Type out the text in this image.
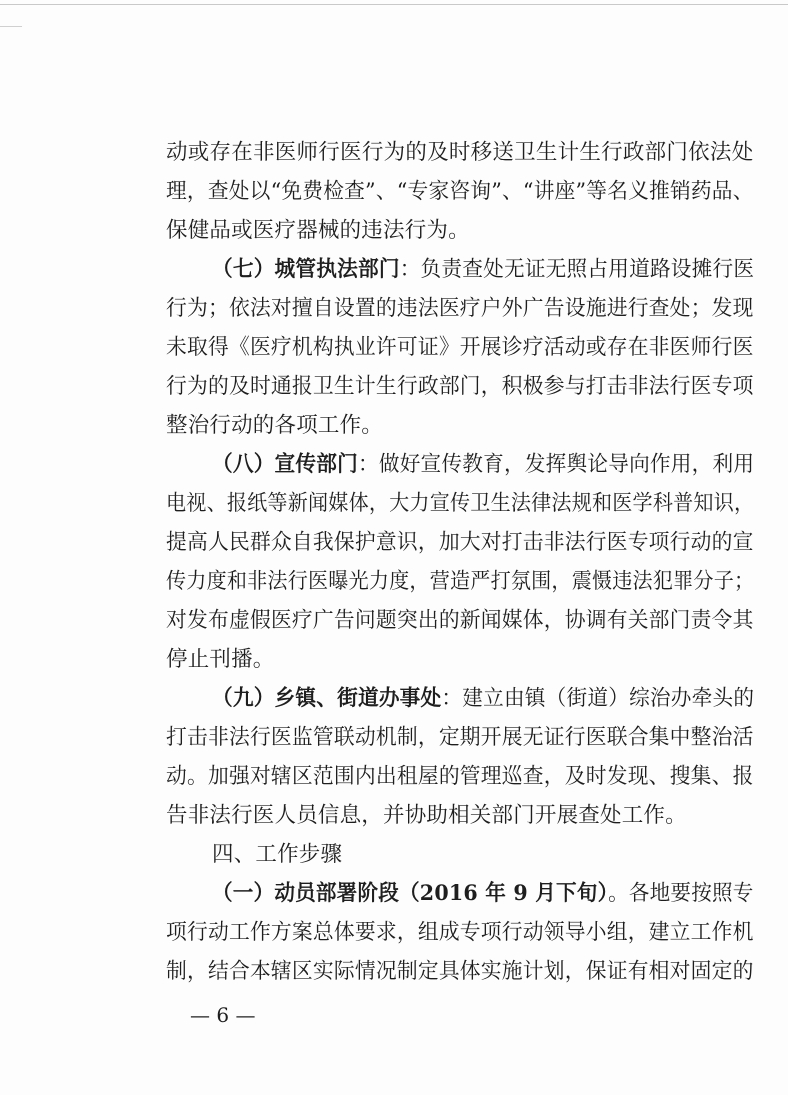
动或存在非医师行医行为的及时移送卫生计生行政部门依法处
理，查处以“免费检查”、“专家咨询”、“讲座”等名义推销药品、
保健品或医疗器械的违法行为。
（七）城管执法部门：负责查处无证无照占用道路设摊行医
行为；依法对擅自设置的违法医疗户外广告设施进行查处；发现
未取得《医疗机构执业许可证》开展诊疗活动或存在非医师行医
行为的及时通报卫生计生行政部门，积极参与打击非法行医专项
整治行动的各项工作。
（八）宣传部门：做好宣传教育，发挥舆论导向作用，利用
电视、报纸等新闻媒体，大力宣传卫生法律法规和医学科普知识，
提高人民群众自我保护意识，加大对打击非法行医专项行动的宣
传力度和非法行医曝光力度，营造严打氛围，震慑违法犯罪分子；
对发布虚假医疗广告问题突出的新闻媒体，协调有关部门责令其
停止刊播。
（九）乡镇、街道办事处：建立由镇（街道）综治办牵头的
打击非法行医监管联动机制，定期开展无证行医联合集中整治活
动。加强对辖区范围内出租屋的管理巡查，及时发现、搜集、报
告非法行医人员信息，并协助相关部门开展查处工作。
四、工作步骤
（一）动员部署阶段（2016 年 9 月下旬）。各地要按照专
项行动工作方案总体要求，组成专项行动领导小组，建立工作机
制，结合本辖区实际情况制定具体实施计划，保证有相对固定的
— 6 —
